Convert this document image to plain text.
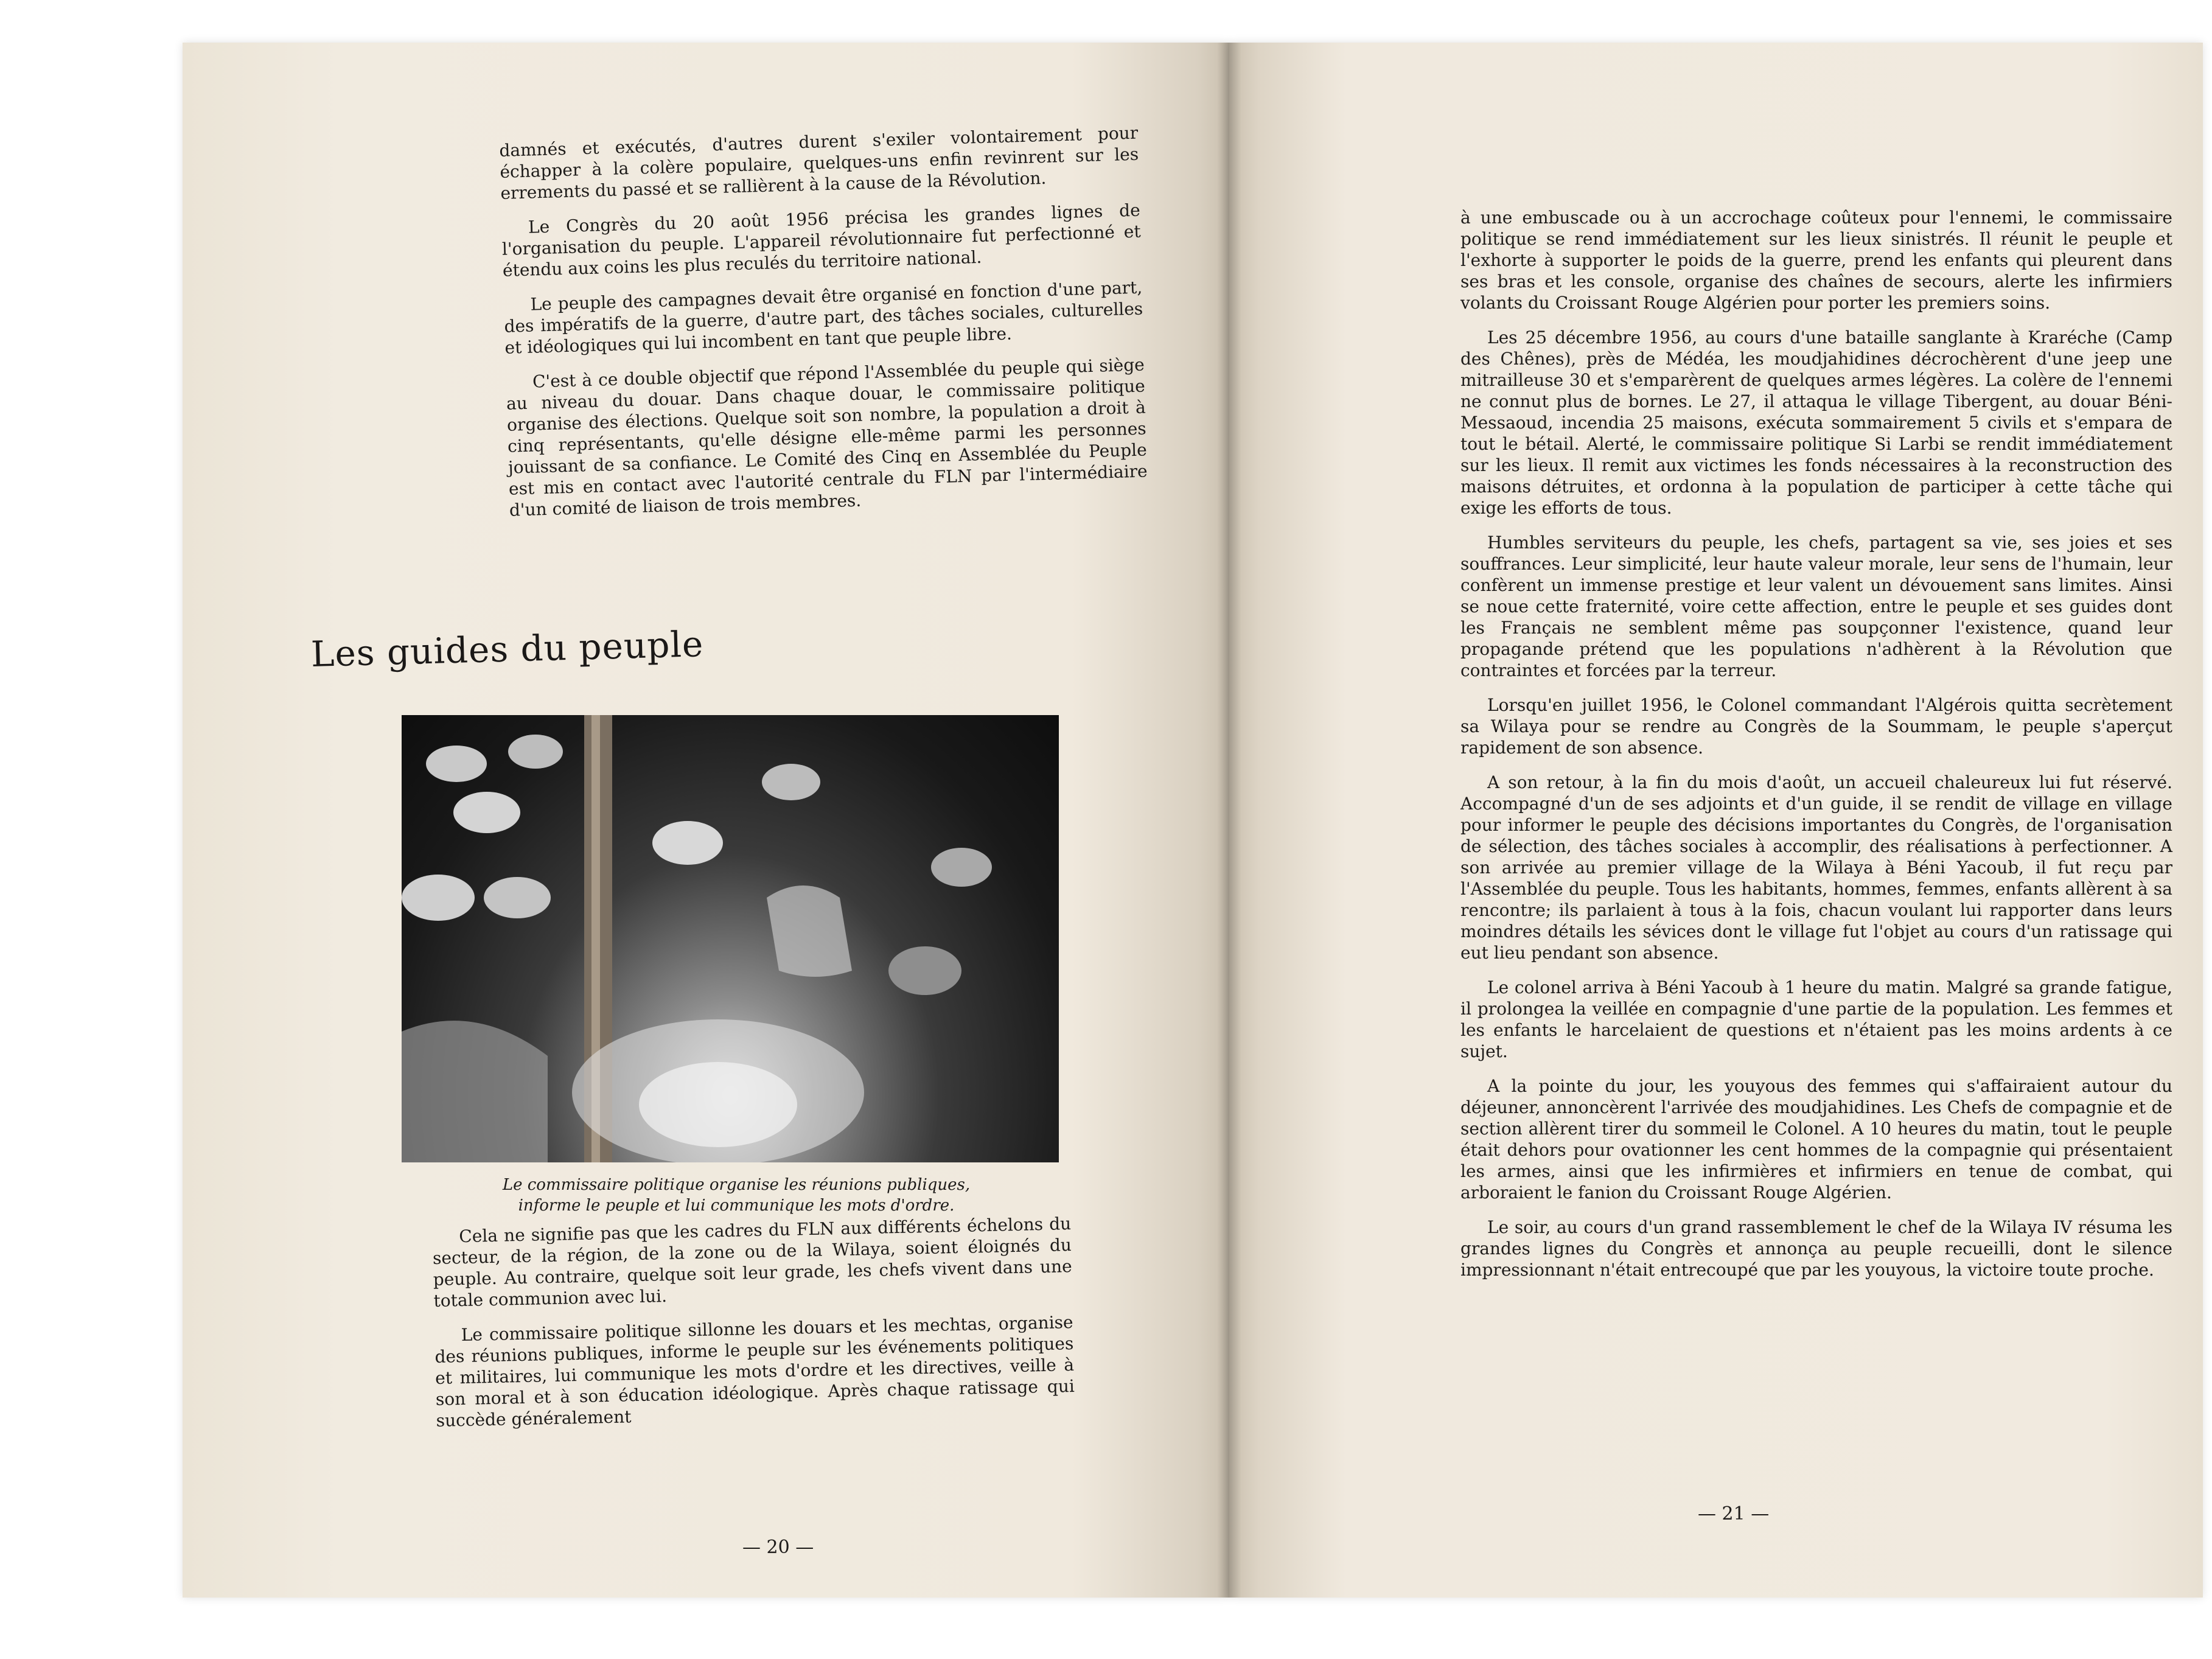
damnés et exécutés, d'autres durent s'exiler volontairement pour échapper à la colère populaire, quelques-uns enfin revinrent sur les errements du passé et se rallièrent à la cause de la Révolution.

Le Congrès du 20 août 1956 précisa les grandes lignes de l'organisation du peuple. L'appareil révolutionnaire fut perfectionné et étendu aux coins les plus reculés du territoire national.

Le peuple des campagnes devait être organisé en fonction d'une part, des impératifs de la guerre, d'autre part, des tâches sociales, culturelles et idéologiques qui lui incombent en tant que peuple libre.

C'est à ce double objectif que répond l'Assemblée du peuple qui siège au niveau du douar. Dans chaque douar, le commissaire politique organise des élections. Quelque soit son nombre, la population a droit à cinq représentants, qu'elle désigne elle-même parmi les personnes jouissant de sa confiance. Le Comité des Cinq en Assemblée du Peuple est mis en contact avec l'autorité centrale du FLN par l'intermédiaire d'un comité de liaison de trois membres.

Les guides du peuple
Le commissaire politique organise les réunions publiques,
informe le peuple et lui communique les mots d'ordre.

Cela ne signifie pas que les cadres du FLN aux différents échelons du secteur, de la région, de la zone ou de la Wilaya, soient éloignés du peuple. Au contraire, quelque soit leur grade, les chefs vivent dans une totale communion avec lui.

Le commissaire politique sillonne les douars et les mechtas, organise des réunions publiques, informe le peuple sur les événements politiques et militaires, lui communique les mots d'ordre et les directives, veille à son moral et à son éducation idéologique. Après chaque ratissage qui succède généralement

— 20 —

à une embuscade ou à un accrochage coûteux pour l'ennemi, le commissaire politique se rend immédiatement sur les lieux sinistrés. Il réunit le peuple et l'exhorte à supporter le poids de la guerre, prend les enfants qui pleurent dans ses bras et les console, organise des chaînes de secours, alerte les infirmiers volants du Croissant Rouge Algérien pour porter les premiers soins.

Les 25 décembre 1956, au cours d'une bataille sanglante à Kraréche (Camp des Chênes), près de Médéa, les moudjahidines décrochèrent d'une jeep une mitrailleuse 30 et s'emparèrent de quelques armes légères. La colère de l'ennemi ne connut plus de bornes. Le 27, il attaqua le village Tibergent, au douar Béni-Messaoud, incendia 25 maisons, exécuta sommairement 5 civils et s'empara de tout le bétail. Alerté, le commissaire politique Si Larbi se rendit immédiatement sur les lieux. Il remit aux victimes les fonds nécessaires à la reconstruction des maisons détruites, et ordonna à la population de participer à cette tâche qui exige les efforts de tous.

Humbles serviteurs du peuple, les chefs, partagent sa vie, ses joies et ses souffrances. Leur simplicité, leur haute valeur morale, leur sens de l'humain, leur confèrent un immense prestige et leur valent un dévouement sans limites. Ainsi se noue cette fraternité, voire cette affection, entre le peuple et ses guides dont les Français ne semblent même pas soupçonner l'existence, quand leur propagande prétend que les populations n'adhèrent à la Révolution que contraintes et forcées par la terreur.

Lorsqu'en juillet 1956, le Colonel commandant l'Algérois quitta secrètement sa Wilaya pour se rendre au Congrès de la Soummam, le peuple s'aperçut rapidement de son absence.

A son retour, à la fin du mois d'août, un accueil chaleureux lui fut réservé. Accompagné d'un de ses adjoints et d'un guide, il se rendit de village en village pour informer le peuple des décisions importantes du Congrès, de l'organisation de sélection, des tâches sociales à accomplir, des réalisations à perfectionner. A son arrivée au premier village de la Wilaya à Béni Yacoub, il fut reçu par l'Assemblée du peuple. Tous les habitants, hommes, femmes, enfants allèrent à sa rencontre; ils parlaient à tous à la fois, chacun voulant lui rapporter dans leurs moindres détails les sévices dont le village fut l'objet au cours d'un ratissage qui eut lieu pendant son absence.

Le colonel arriva à Béni Yacoub à 1 heure du matin. Malgré sa grande fatigue, il prolongea la veillée en compagnie d'une partie de la population. Les femmes et les enfants le harcelaient de questions et n'étaient pas les moins ardents à ce sujet.

A la pointe du jour, les youyous des femmes qui s'affairaient autour du déjeuner, annoncèrent l'arrivée des moudjahidines. Les Chefs de compagnie et de section allèrent tirer du sommeil le Colonel. A 10 heures du matin, tout le peuple était dehors pour ovationner les cent hommes de la compagnie qui présentaient les armes, ainsi que les infirmières et infirmiers en tenue de combat, qui arboraient le fanion du Croissant Rouge Algérien.

Le soir, au cours d'un grand rassemblement le chef de la Wilaya IV résuma les grandes lignes du Congrès et annonça au peuple recueilli, dont le silence impressionnant n'était entrecoupé que par les youyous, la victoire toute proche.

— 21 —
